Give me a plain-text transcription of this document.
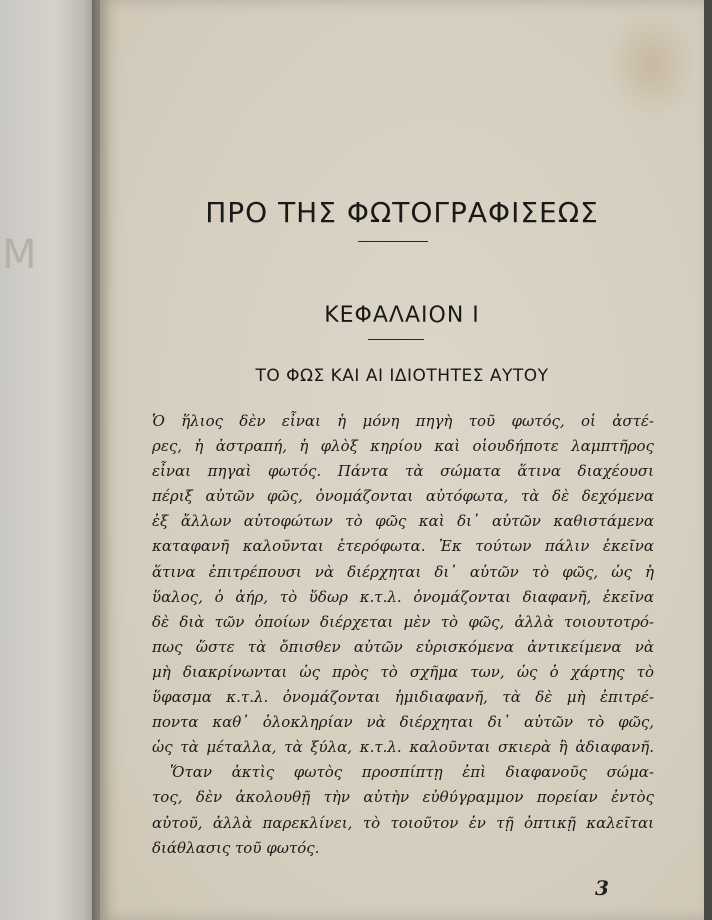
M
ΠΡΟ ΤΗΣ ΦΩΤΟΓΡΑΦΙΣΕΩΣ
ΚΕΦΑΛΑΙΟΝ Ι
ΤΟ ΦΩΣ ΚΑΙ ΑΙ ΙΔΙΟΤΗΤΕΣ ΑΥΤΟΥ
Ὁ ἥλιος δὲν εἶναι ἡ μόνη πηγὴ τοῦ φωτός, οἱ ἀστέ-
ρες, ἡ ἀστραπή, ἡ φλὸξ κηρίου καὶ οἱουδήποτε λαμπτῆρος
εἶναι πηγαὶ φωτός. Πάντα τὰ σώματα ἅτινα διαχέουσι
πέριξ αὐτῶν φῶς, ὀνομάζονται αὐτόφωτα, τὰ δὲ δεχόμενα
ἐξ ἄλλων αὐτοφώτων τὸ φῶς καὶ δι᾿ αὐτῶν καθιστάμενα
καταφανῆ καλοῦνται ἑτερόφωτα. Ἐκ τούτων πάλιν ἐκεῖνα
ἅτινα ἐπιτρέπουσι νὰ διέρχηται δι᾿ αὐτῶν τὸ φῶς, ὡς ἡ
ὕαλος, ὁ ἀήρ, τὸ ὕδωρ κ.τ.λ. ὀνομάζονται διαφανῆ, ἐκεῖνα
δὲ διὰ τῶν ὁποίων διέρχεται μὲν τὸ φῶς, ἀλλὰ τοιουτοτρό-
πως ὥστε τὰ ὄπισθεν αὐτῶν εὑρισκόμενα ἀντικείμενα νὰ
μὴ διακρίνωνται ὡς πρὸς τὸ σχῆμα των, ὡς ὁ χάρτης τὸ
ὕφασμα κ.τ.λ. ὀνομάζονται ἡμιδιαφανῆ, τὰ δὲ μὴ ἐπιτρέ-
ποντα καθ᾿ ὁλοκληρίαν νὰ διέρχηται δι᾿ αὐτῶν τὸ φῶς,
ὡς τὰ μέταλλα, τὰ ξύλα, κ.τ.λ. καλοῦνται σκιερὰ ἢ ἀδιαφανῆ.
Ὅταν ἀκτὶς φωτὸς προσπίπτῃ ἐπὶ διαφανοῦς σώμα-
τος, δὲν ἀκολουθῇ τὴν αὐτὴν εὐθύγραμμον πορείαν ἐντὸς
αὐτοῦ, ἀλλὰ παρεκλίνει, τὸ τοιοῦτον ἐν τῇ ὀπτικῇ καλεῖται
διάθλασις τοῦ φωτός.
3
